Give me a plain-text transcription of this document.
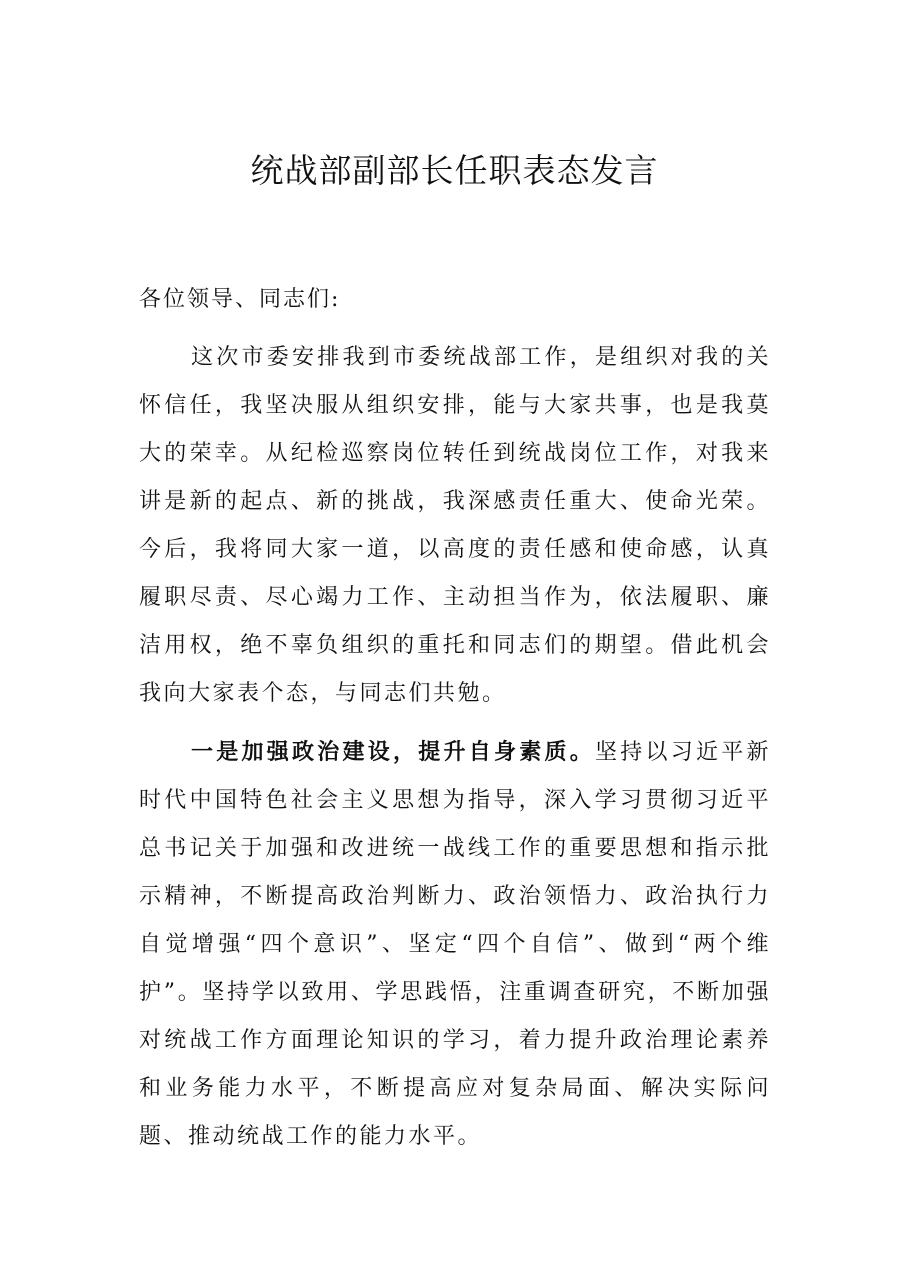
统战部副部长任职表态发言
各位领导、同志们:
这次市委安排我到市委统战部工作，是组织对我的关怀信任，我坚决服从组织安排，能与大家共事，也是我莫大的荣幸。从纪检巡察岗位转任到统战岗位工作，对我来讲是新的起点、新的挑战，我深感责任重大、使命光荣。今后，我将同大家一道，以高度的责任感和使命感，认真履职尽责、尽心竭力工作、主动担当作为，依法履职、廉洁用权，绝不辜负组织的重托和同志们的期望。借此机会我向大家表个态，与同志们共勉。
一是加强政治建设，提升自身素质。坚持以习近平新时代中国特色社会主义思想为指导，深入学习贯彻习近平总书记关于加强和改进统一战线工作的重要思想和指示批示精神，不断提高政治判断力、政治领悟力、政治执行力自觉增强“四个意识”、坚定“四个自信”、做到“两个维护”。坚持学以致用、学思践悟，注重调查研究，不断加强对统战工作方面理论知识的学习，着力提升政治理论素养和业务能力水平，不断提高应对复杂局面、解决实际问题、推动统战工作的能力水平。
